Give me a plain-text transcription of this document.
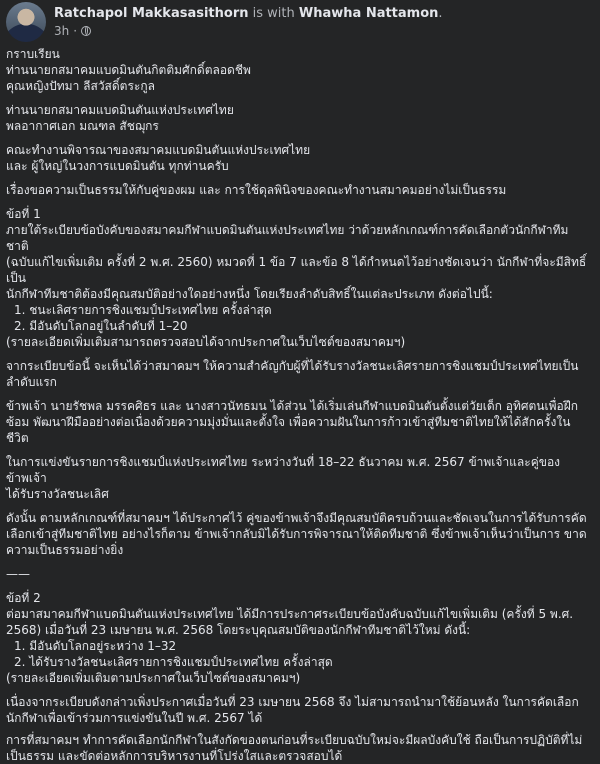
Ratchapol Makkasasithorn is with Whawha Nattamon.
3h ·

กราบเรียน

ท่านนายกสมาคมแบดมินตันกิตติมศักดิ์ตลอดชีพ

คุณหญิงปัทมา ลีสวัสดิ์ตระกูล

ท่านนายกสมาคมแบดมินตันแห่งประเทศไทย

พลอากาศเอก มณฑล สัชฌุกร

คณะทำงานพิจารณาของสมาคมแบดมินตันแห่งประเทศไทย

และ ผู้ใหญ่ในวงการแบดมินตัน ทุกท่านครับ

เรื่องขอความเป็นธรรมให้กับคู่ของผม และ การใช้ดุลพินิจของคณะทำงานสมาคมอย่างไม่เป็นธรรม

ข้อที่ 1

ภายใต้ระเบียบข้อบังคับของสมาคมกีฬาแบดมินตันแห่งประเทศไทย ว่าด้วยหลักเกณฑ์การคัดเลือกตัวนักกีฬาทีมชาติ

(ฉบับแก้ไขเพิ่มเติม ครั้งที่ 2 พ.ศ. 2560) หมวดที่ 1 ข้อ 7 และข้อ 8 ได้กำหนดไว้อย่างชัดเจนว่า นักกีฬาที่จะมีสิทธิ์เป็น

นักกีฬาทีมชาติต้องมีคุณสมบัติอย่างใดอย่างหนึ่ง โดยเรียงลำดับสิทธิ์ในแต่ละประเภท ดังต่อไปนี้:

1. ชนะเลิศรายการชิงแชมป์ประเทศไทย ครั้งล่าสุด

2. มีอันดับโลกอยู่ในลำดับที่ 1–20

(รายละเอียดเพิ่มเติมสามารถตรวจสอบได้จากประกาศในเว็บไซต์ของสมาคมฯ)

จากระเบียบข้อนี้ จะเห็นได้ว่าสมาคมฯ ให้ความสำคัญกับผู้ที่ได้รับรางวัลชนะเลิศรายการชิงแชมป์ประเทศไทยเป็น

ลำดับแรก

ข้าพเจ้า นายรัชพล มรรคศิธร และ นางสาวนัทธมน ได้ส่วน ได้เริ่มเล่นกีฬาแบดมินตันตั้งแต่วัยเด็ก อุทิศตนเพื่อฝึก

ซ้อม พัฒนาฝีมืออย่างต่อเนื่องด้วยความมุ่งมั่นและตั้งใจ เพื่อความฝันในการก้าวเข้าสู่ทีมชาติไทยให้ได้สักครั้งในชีวิต

ในการแข่งขันรายการชิงแชมป์แห่งประเทศไทย ระหว่างวันที่ 18–22 ธันวาคม พ.ศ. 2567 ข้าพเจ้าและคู่ของข้าพเจ้า

ได้รับรางวัลชนะเลิศ

ดังนั้น ตามหลักเกณฑ์ที่สมาคมฯ ได้ประกาศไว้ คู่ของข้าพเจ้าจึงมีคุณสมบัติครบถ้วนและชัดเจนในการได้รับการคัด

เลือกเข้าสู่ทีมชาติไทย อย่างไรก็ตาม ข้าพเจ้ากลับมิได้รับการพิจารณาให้ติดทีมชาติ ซึ่งข้าพเจ้าเห็นว่าเป็นการ ขาด

ความเป็นธรรมอย่างยิ่ง

——

ข้อที่ 2

ต่อมาสมาคมกีฬาแบดมินตันแห่งประเทศไทย ได้มีการประกาศระเบียบข้อบังคับฉบับแก้ไขเพิ่มเติม (ครั้งที่ 5 พ.ศ.

2568) เมื่อวันที่ 23 เมษายน พ.ศ. 2568 โดยระบุคุณสมบัติของนักกีฬาทีมชาติไว้ใหม่ ดังนี้:

1. มีอันดับโลกอยู่ระหว่าง 1–32

2. ได้รับรางวัลชนะเลิศรายการชิงแชมป์ประเทศไทย ครั้งล่าสุด

(รายละเอียดเพิ่มเติมตามประกาศในเว็บไซต์ของสมาคมฯ)

เนื่องจากระเบียบดังกล่าวเพิ่งประกาศเมื่อวันที่ 23 เมษายน 2568 จึง ไม่สามารถนำมาใช้ย้อนหลัง ในการคัดเลือก

นักกีฬาเพื่อเข้าร่วมการแข่งขันในปี พ.ศ. 2567 ได้

การที่สมาคมฯ ทำการคัดเลือกนักกีฬาในสังกัดของตนก่อนที่ระเบียบฉบับใหม่จะมีผลบังคับใช้ ถือเป็นการปฏิบัติที่ไม่

เป็นธรรม และขัดต่อหลักการบริหารงานที่โปร่งใสและตรวจสอบได้
